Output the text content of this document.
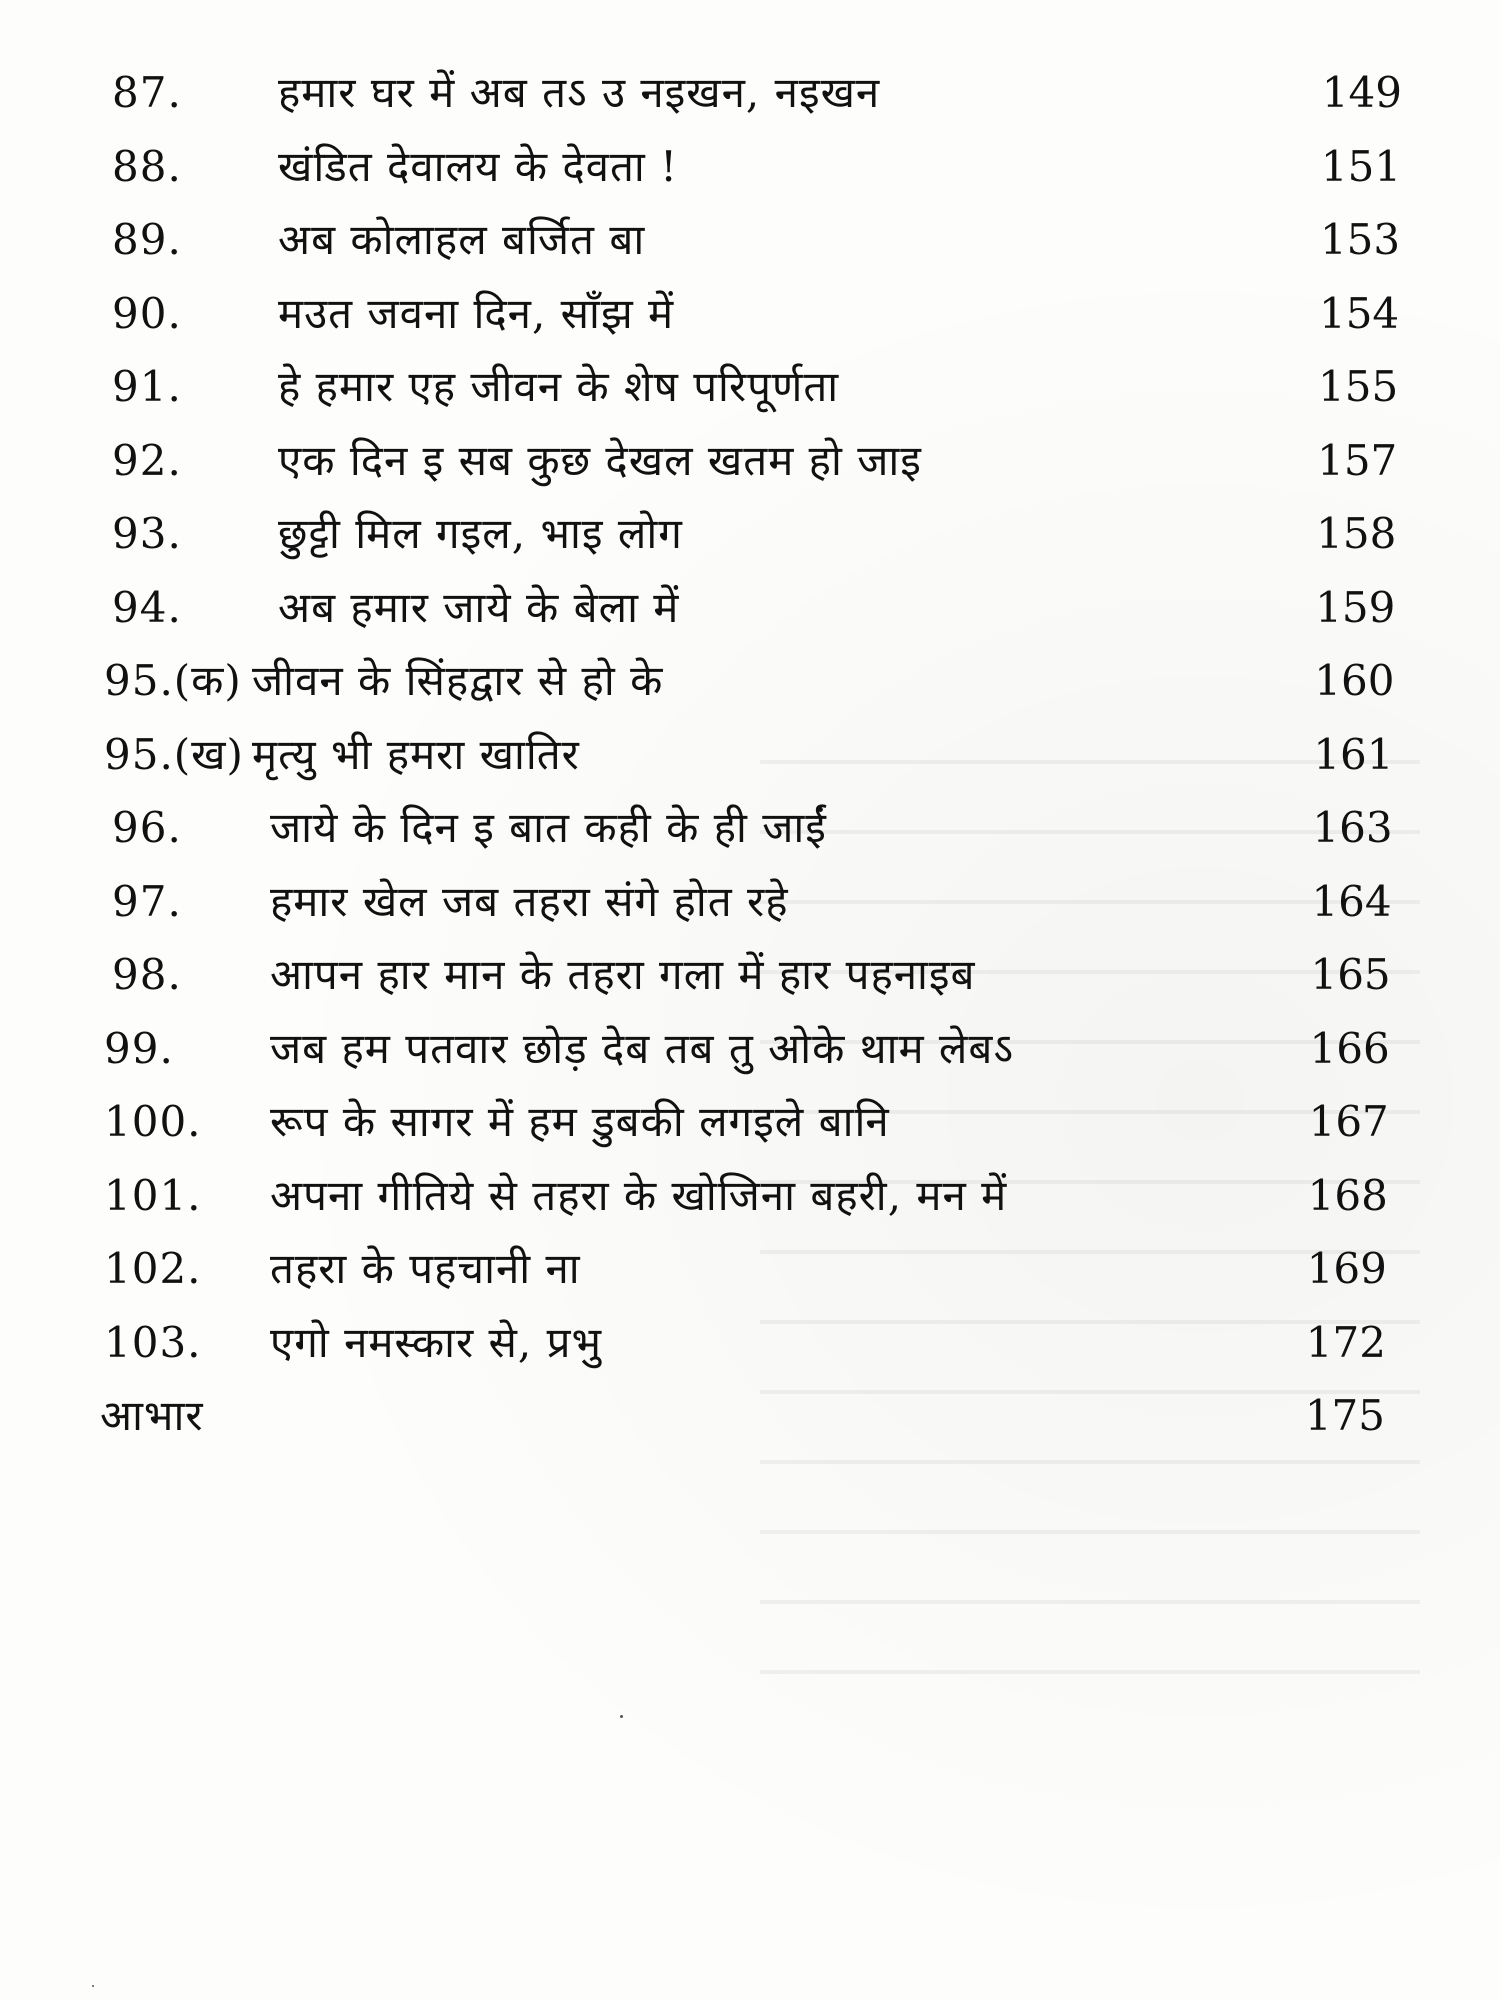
87. हमार घर में अब तऽ उ नइखन, नइखन	149
88. खंडित देवालय के देवता !	151
89. अब कोलाहल बर्जित बा	153
90. मउत जवना दिन, साँझ में	154
91. हे हमार एह जीवन के शेष परिपूर्णता	155
92. एक दिन इ सब कुछ देखल खतम हो जाइ	157
93. छुट्टी मिल गइल, भाइ लोग	158
94. अब हमार जाये के बेला में	159
95.(क) जीवन के सिंहद्वार से हो के	160
95.(ख) मृत्यु भी हमरा खातिर	161
96. जाये के दिन इ बात कही के ही जाईं	163
97. हमार खेल जब तहरा संगे होत रहे	164
98. आपन हार मान के तहरा गला में हार पहनाइब	165
99. जब हम पतवार छोड़ देब तब तु ओके थाम लेबऽ	166
100. रूप के सागर में हम डुबकी लगइले बानि	167
101. अपना गीतिये से तहरा के खोजिना बहरी, मन में	168
102. तहरा के पहचानी ना	169
103. एगो नमस्कार से, प्रभु	172
आभार	175
